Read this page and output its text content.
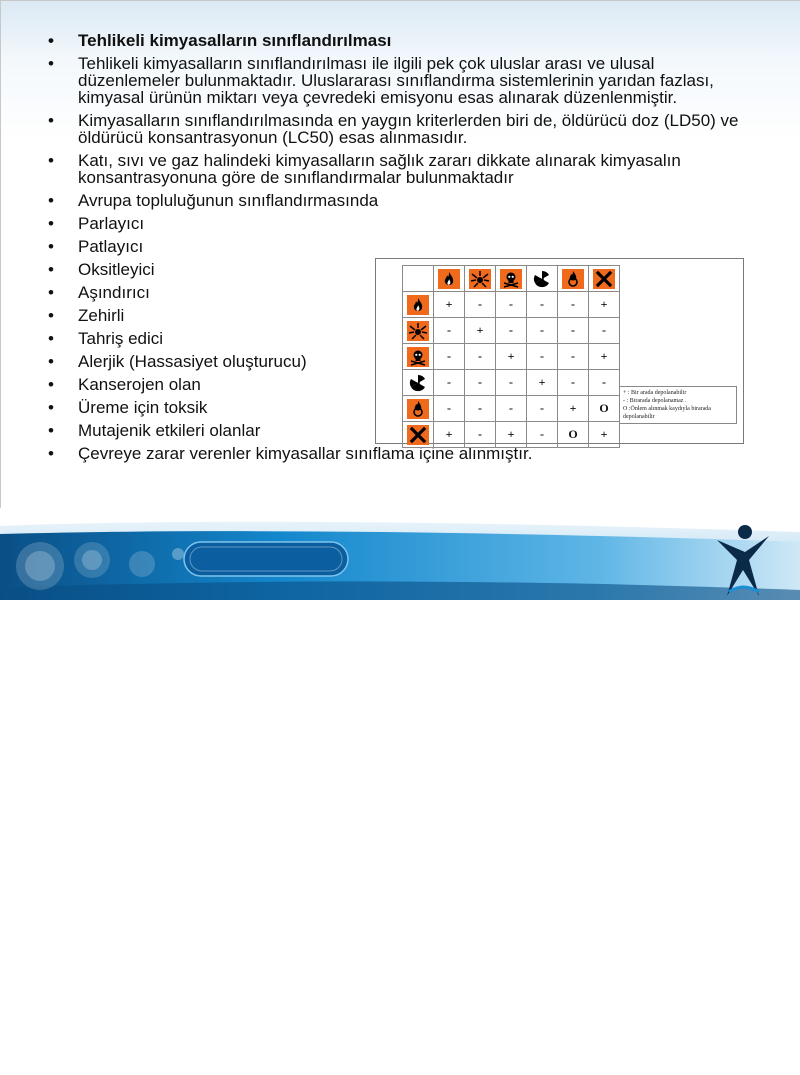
• Tehlikeli kimyasalların sınıflandırılması
• Tehlikeli kimyasalların sınıflandırılması ile ilgili pek çok uluslar arası ve ulusal düzenlemeler bulunmaktadır. Uluslararası sınıflandırma sistemlerinin yarıdan fazlası, kimyasal ürünün miktarı veya çevredeki emisyonu esas alınarak düzenlenmiştir.
• Kimyasalların sınıflandırılmasında en yaygın kriterlerden biri de, öldürücü doz (LD50) ve öldürücü konsantrasyonun (LC50) esas alınmasıdır.
• Katı, sıvı ve gaz halindeki kimyasalların sağlık zararı dikkate alınarak kimyasalın konsantrasyonuna göre de sınıflandırmalar bulunmaktadır
• Avrupa topluluğunun sınıflandırmasında
• Parlayıcı
• Patlayıcı
• Oksitleyici
• Aşındırıcı
• Zehirli
• Tahriş edici
• Alerjik (Hassasiyet oluşturucu)
• Kanserojen olan
• Üreme için toksik
• Mutajenik etkileri olanlar
• Çevreye zarar verenler kimyasallar sınıflama içine alınmıştır.

	+	-	-	-	-	+
	-	+	-	-	-	-
	-	-	+	-	-	+
	-	-	-	+	-	-
	-	-	-	-	+	O
	+	-	+	-	O	+
+ : Bir arada depolanabilir
- : Birarada depolanamaz .
O :Önlem alınmak kaydıyla birarada depolanabilir
"İş Güvenliği Adresiniz"
